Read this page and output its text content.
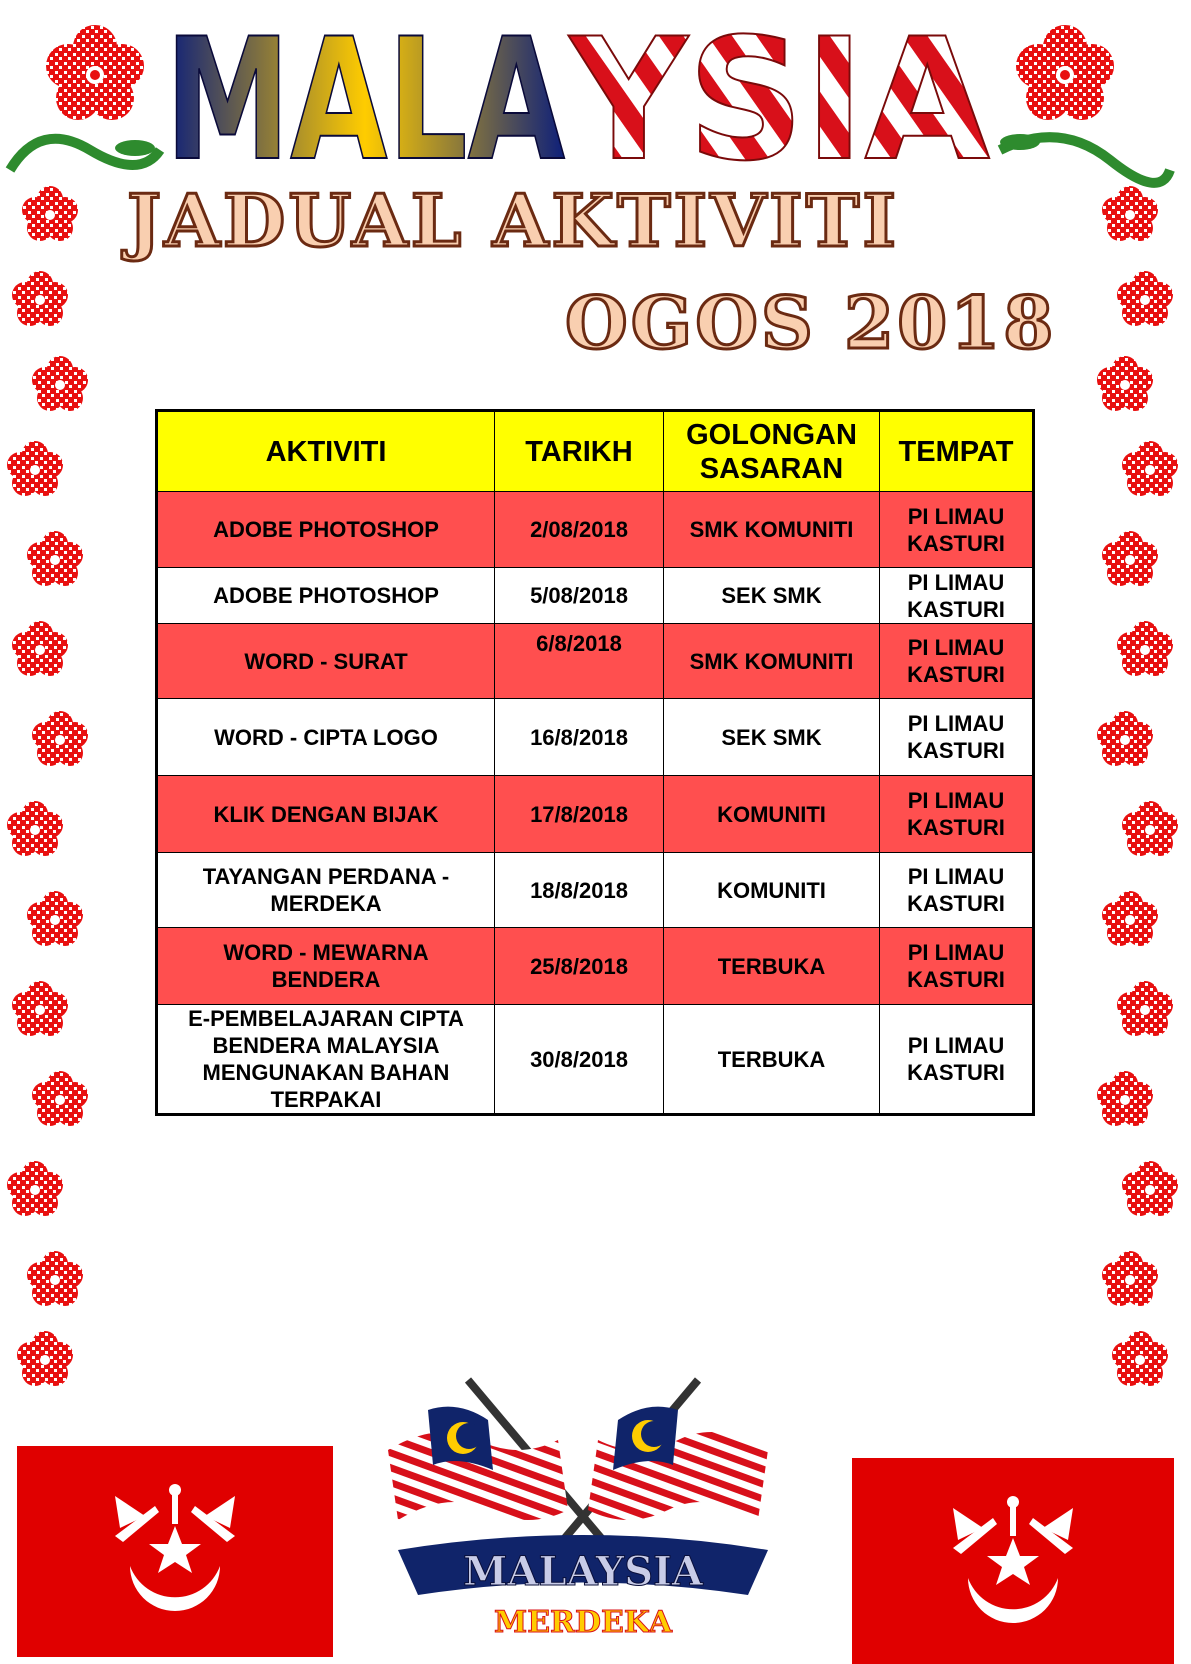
MALA YSIA
JADUAL AKTIVITI
OGOS 2018
AKTIVITI	TARIKH	GOLONGAN SASARAN	TEMPAT
ADOBE PHOTOSHOP	2/08/2018	SMK KOMUNITI	PI LIMAU KASTURI
ADOBE PHOTOSHOP	5/08/2018	SEK SMK	PI LIMAU KASTURI
WORD - SURAT	6/8/2018	SMK KOMUNITI	PI LIMAU KASTURI
WORD - CIPTA LOGO	16/8/2018	SEK SMK	PI LIMAU KASTURI
KLIK DENGAN BIJAK	17/8/2018	KOMUNITI	PI LIMAU KASTURI
TAYANGAN PERDANA - MERDEKA	18/8/2018	KOMUNITI	PI LIMAU KASTURI
WORD - MEWARNA BENDERA	25/8/2018	TERBUKA	PI LIMAU KASTURI
E-PEMBELAJARAN CIPTA BENDERA MALAYSIA MENGUNAKAN BAHAN TERPAKAI	30/8/2018	TERBUKA	PI LIMAU KASTURI
MALAYSIA
MERDEKA
